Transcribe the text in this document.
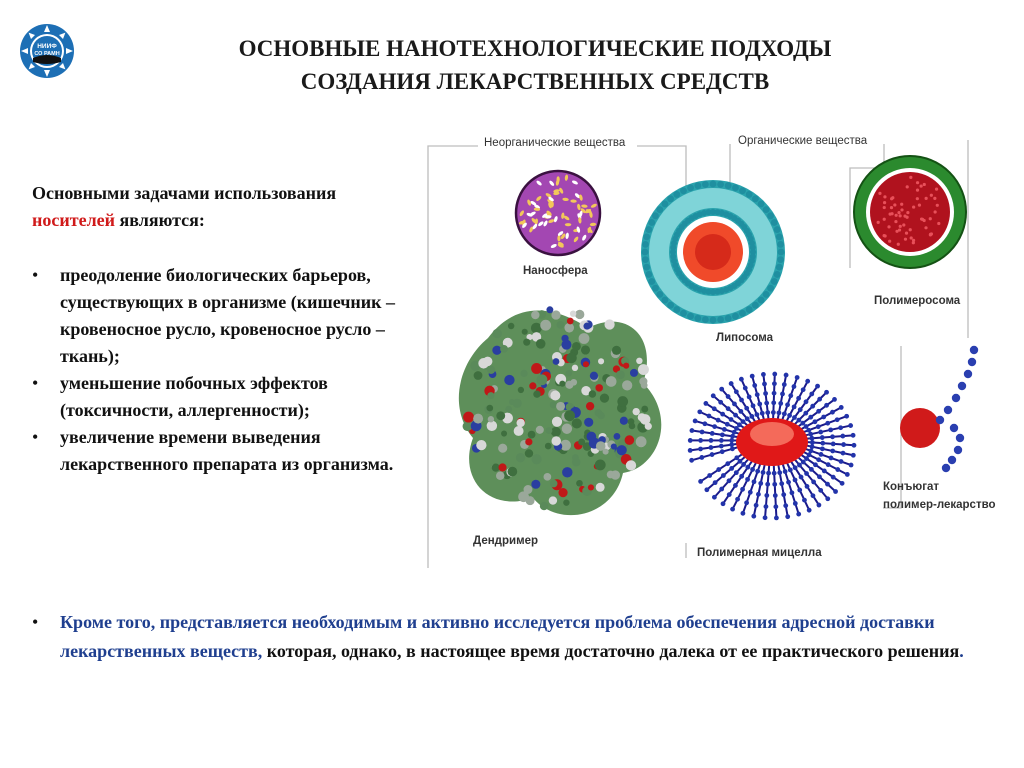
НИИФ
СО РАМН	ОСНОВНЫЕ НАНОТЕХНОЛОГИЧЕСКИЕ ПОДХОДЫ
СОЗДАНИЯ ЛЕКАРСТВЕННЫХ СРЕДСТВ
Основными задачами использования
носителей являются:
• преодоление биологических барьеров, существующих в организме (кишечник – кровеносное русло, кровеносное русло – ткань);
• уменьшение побочных эффектов (токсичности, аллергенности);
• увеличение времени выведения лекарственного препарата из организма.
Неорганические вещества	Органические вещества
Наносфера
Липосома
Полимеросома
Дендример
Полимерная мицелла
Конъюгат
полимер-лекарство
•	Кроме того, представляется необходимым и активно исследуется проблема обеспечения адресной доставки лекарственных веществ, которая, однако, в настоящее время достаточно далека от ее практического решения.
